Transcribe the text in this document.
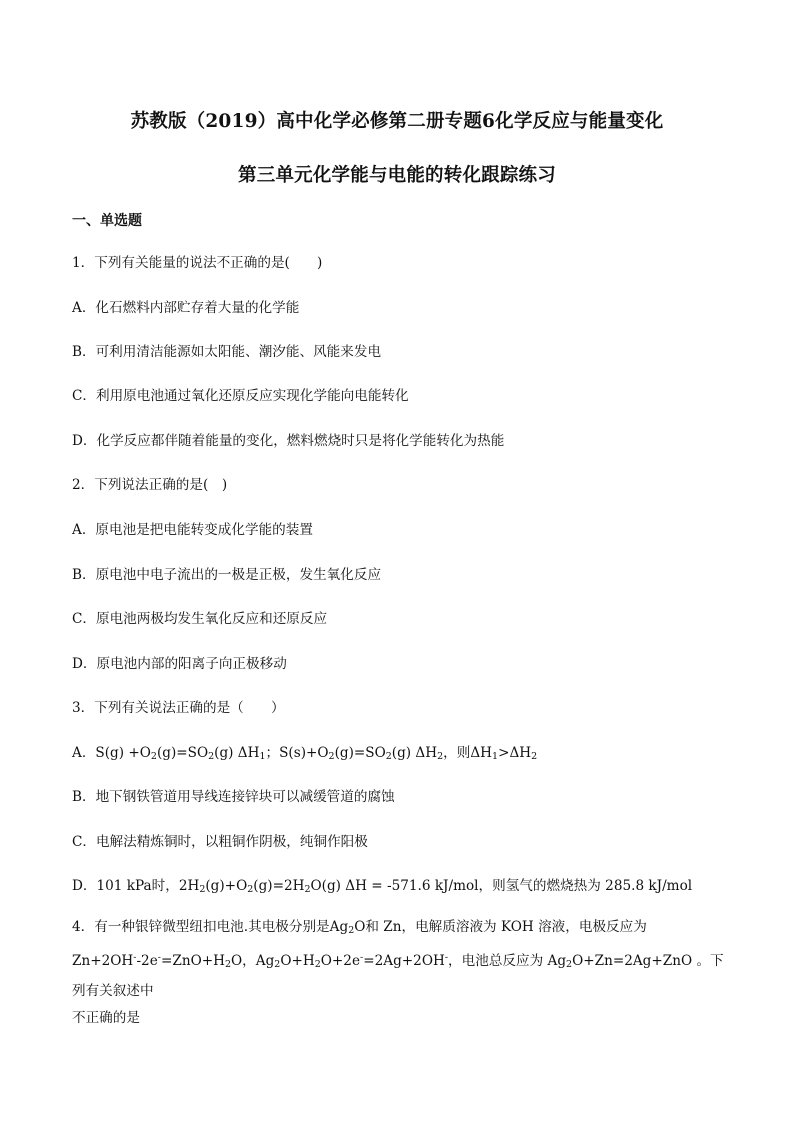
苏教版（2019）高中化学必修第二册专题6化学反应与能量变化
第三单元化学能与电能的转化跟踪练习
一、单选题
1．下列有关能量的说法不正确的是(　　)
A．化石燃料内部贮存着大量的化学能
B．可利用清洁能源如太阳能、潮汐能、风能来发电
C．利用原电池通过氧化还原反应实现化学能向电能转化
D．化学反应都伴随着能量的变化，燃料燃烧时只是将化学能转化为热能
2．下列说法正确的是(　)
A．原电池是把电能转变成化学能的装置
B．原电池中电子流出的一极是正极，发生氧化反应
C．原电池两极均发生氧化反应和还原反应
D．原电池内部的阳离子向正极移动
3．下列有关说法正确的是（　　）
A．$S(g) +O_2(g)=SO_2(g)$ $\Delta H_1$；$S(s)+O_2(g)=SO_2(g)$ $\Delta H_2$，则$\Delta H_1>\Delta H_2$
B．地下钢铁管道用导线连接锌块可以减缓管道的腐蚀
C．电解法精炼铜时，以粗铜作阴极，纯铜作阳极
D．101 kPa时，$2H_2(g)+O_2(g)=2H_2O(g) \Delta H = -571.6$ kJ/mol，则氢气的燃烧热为 285.8 kJ/mol
4．有一种银锌微型纽扣电池.其电极分别是$Ag_2O$和 Zn，电解质溶液为 KOH 溶液，电极反应为
$Zn+2OH^--2e^-=ZnO+H_2O$，$Ag_2O+H_2O+2e^-=2Ag+2OH^-$，电池总反应为 $Ag_2O+Zn=2Ag+ZnO$ 。下列有关叙述中
不正确的是
